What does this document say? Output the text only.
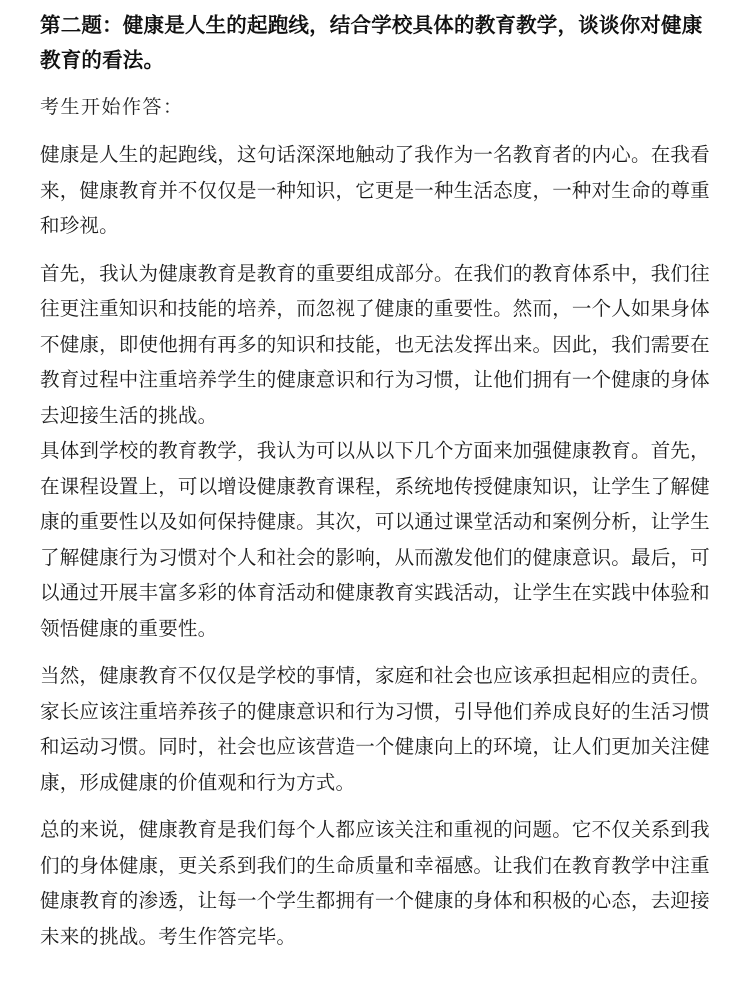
第二题：健康是人生的起跑线，结合学校具体的教育教学，谈谈你对健康教育的看法。
考生开始作答：
健康是人生的起跑线，这句话深深地触动了我作为一名教育者的内心。在我看来，健康教育并不仅仅是一种知识，它更是一种生活态度，一种对生命的尊重和珍视。
首先，我认为健康教育是教育的重要组成部分。在我们的教育体系中，我们往往更注重知识和技能的培养，而忽视了健康的重要性。然而，一个人如果身体不健康，即使他拥有再多的知识和技能，也无法发挥出来。因此，我们需要在教育过程中注重培养学生的健康意识和行为习惯，让他们拥有一个健康的身体去迎接生活的挑战。
具体到学校的教育教学，我认为可以从以下几个方面来加强健康教育。首先，在课程设置上，可以增设健康教育课程，系统地传授健康知识，让学生了解健康的重要性以及如何保持健康。其次，可以通过课堂活动和案例分析，让学生了解健康行为习惯对个人和社会的影响，从而激发他们的健康意识。最后，可以通过开展丰富多彩的体育活动和健康教育实践活动，让学生在实践中体验和领悟健康的重要性。
当然，健康教育不仅仅是学校的事情，家庭和社会也应该承担起相应的责任。家长应该注重培养孩子的健康意识和行为习惯，引导他们养成良好的生活习惯和运动习惯。同时，社会也应该营造一个健康向上的环境，让人们更加关注健康，形成健康的价值观和行为方式。
总的来说，健康教育是我们每个人都应该关注和重视的问题。它不仅关系到我们的身体健康，更关系到我们的生命质量和幸福感。让我们在教育教学中注重健康教育的渗透，让每一个学生都拥有一个健康的身体和积极的心态，去迎接未来的挑战。考生作答完毕。
